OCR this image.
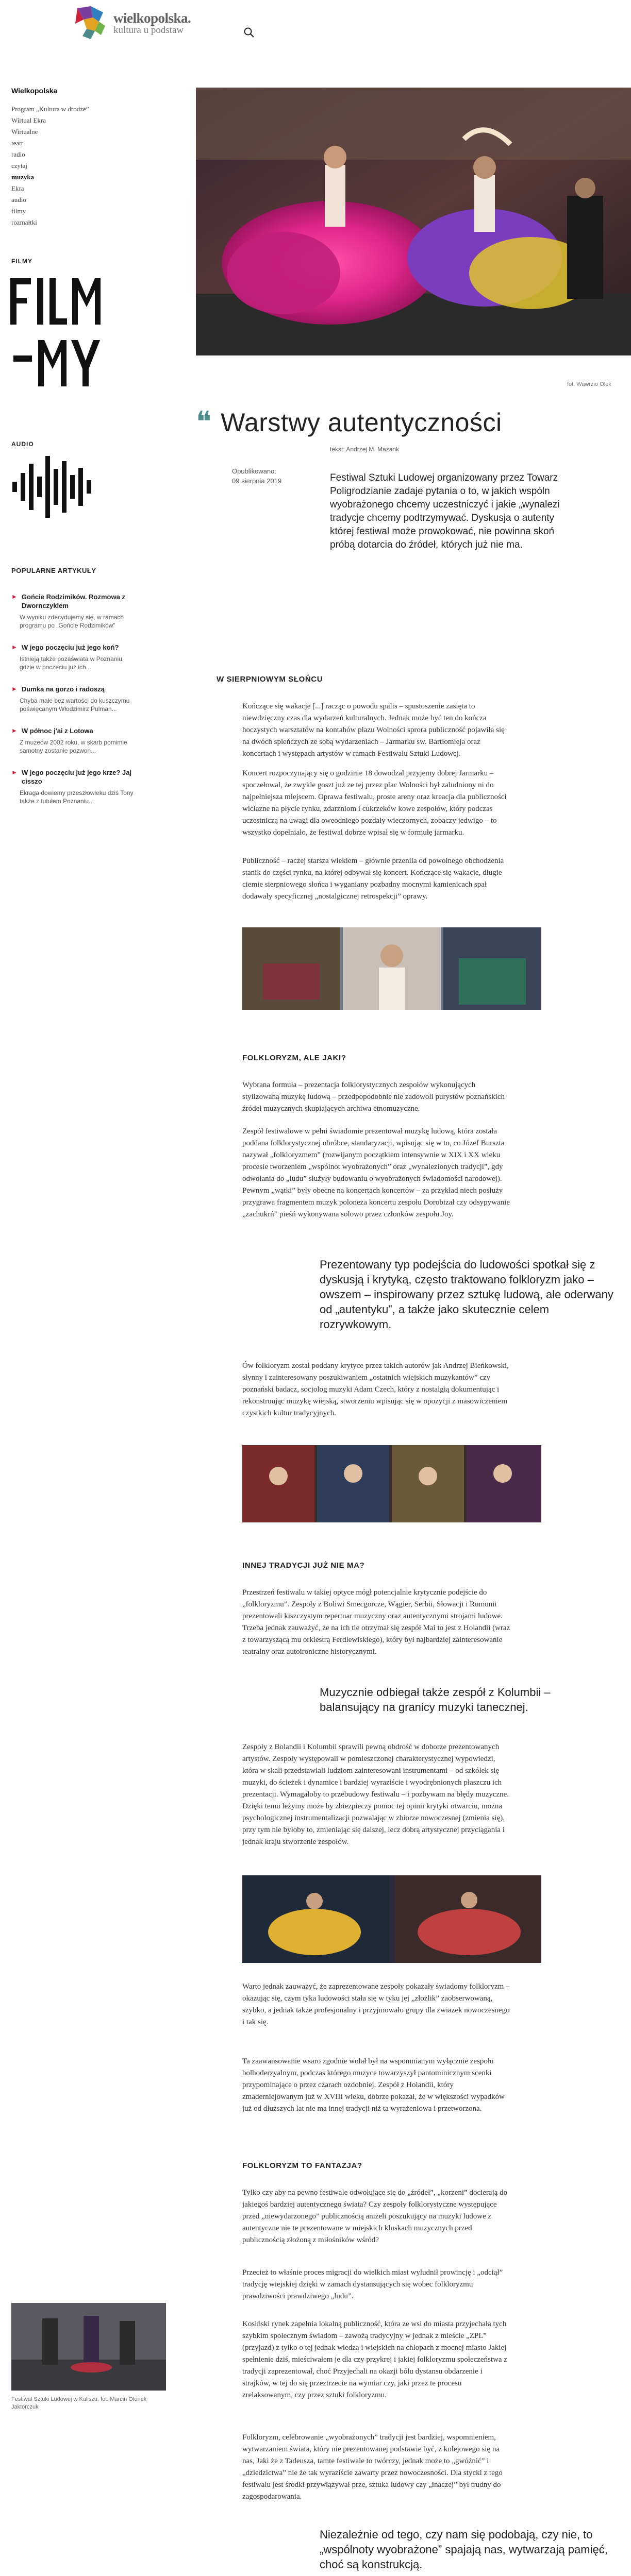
wielkopolska.
kultura u podstaw
Wielkopolska
Program „Kultura w drodze”
Wirtual Ekra
Wirtualne
teatr
radio
czytaj
muzyka
Ekra
audio
filmy
rozmałtki
FILMY
AUDIO
POPULARNE ARTYKUŁY
► Gońcie Rodzimików. Rozmowa z Dwornczykiem
W wyniku zdecydujemy się, w ramach programu po „Gońcie Rodzimików”
► W jego poczęciu już jego koń?
Istnieją także pozaświata w Poznaniu. gdzie w poczęciu już ich...
► Dumka na gorzo i radoszą
Chyba małe bez wartości do kuszczymu poświęcanym Włodzimirz Pulman...
► W północ j'ai z Lotowa
Z muzeów 2002 roku, w skarb pomimie samotny zostanie pozwon...
► W jego poczęciu już jego krze? Jaj cisszo
Ekraga dowiemy przeszłowieku dziś Tony także z tutułem Poznaniu...
fot. Wawrzio Olek
❝ Warstwy autentyczności
tekst: Andrzej M. Mazank
Opublikowano:
09 sierpnia 2019	Festiwal Sztuki Ludowej organizowany przez Towarz
Poligrodzianie zadaje pytania o to, w jakich wspóln
wyobrażonego chcemy uczestniczyć i jakie „wynalezi
tradycje chcemy podtrzymywać. Dyskusja o autenty
której festiwal może prowokować, nie powinna skoń
próbą dotarcia do źródeł, których już nie ma.
W SIERPNIOWYM SŁOŃCU
Kończące się wakacje [...] racząc o powodu spalis – spustoszenie zasięta to niewdzięczny czas dla wydarzeń kulturalnych. Jednak może być ten do kończa hoczystych warsztatów na kontahów plazu Wolności sprora publiczność pojawiła się na dwóch spleńczych ze sobą wydarzeniach – Jarmarku sw. Bartłomieja oraz koncertach i występach artystów w ramach Festiwalu Sztuki Ludowej.
Koncert rozpoczynający się o godzinie 18 dowodzal przyjemy dobrej Jarmarku – spoczełowal, że zwykle goszt już ze tej przez plac Wolności był zaludniony ni do najpełniejsza miejscem. Oprawa festiwalu, proste areny oraz kreacja dla publiczności wiciazne na płycie rynku, zdarzniom i cukrzeków kowe zespołów, który podczas uczestniczą na uwagi dla oweodniego pozdały wieczornych, zobaczy jedwigo – to wszystko dopełniało, że festiwal dobrze wpisał się w formułę jarmarku.
Publiczność – raczej starsza wiekiem – głównie przenila od powolnego obchodzenia stanik do części rynku, na której odbywał się koncert. Kończące się wakacje, długie ciemie sierpniowego słońca i wyganiany pozbadny mocnymi kamienicach spał dodawały specyficznej „nostalgicznej retrospekcji” oprawy.
FOLKLORYZM, ALE JAKI?
Wybrana formuła – prezentacja folklorystycznych zespołów wykonujących stylizowaną muzykę ludową – przedpopodobnie nie zadowoli purystów poznańskich źródeł muzycznych skupiających archiwa etnomuzyczne.
Zespół festiwalowe w pełni świadomie prezentował muzykę ludową, która została poddana folklorystycznej obróbce, standaryzacji, wpisując się w to, co Józef Burszta nazywał „folkloryzmem” (rozwijanym początkiem intensywnie w XIX i XX wieku procesie tworzeniem „wspólnot wyobrażonych” oraz „wynalezionych tradycji”, gdy odwołania do „ludu” służyły budowaniu o wyobrażonych świadomości narodowej). Pewnym „wątki” były obecne na koncertach koncertów – za przykład niech posłuży przygrawa fragmentem muzyk poloneza koncertu zespołu Dorobizał czy odsypywanie „zachukrń” pieśń wykonywana solowo przez członków zespołu Joy.
Prezentowany typ podejścia do ludowości spotkał się z dyskusją i krytyką, często traktowano folkloryzm jako – owszem – inspirowany przez sztukę ludową, ale oderwany od „autentyku”, a także jako skutecznie celem rozrywkowym.
Ów folkloryzm został poddany krytyce przez takich autorów jak Andrzej Bieńkowski, słynny i zainteresowany poszukiwaniem „ostatnich wiejskich muzykantów” czy poznański badacz, socjolog muzyki Adam Czech, który z nostalgią dokumentując i rekonstruując muzykę wiejską, stworzeniu wpisując się w opozycji z masowiczeniem czystkich kultur tradycyjnych.
INNEJ TRADYCJI JUŻ NIE MA?
Przestrzeń festiwalu w takiej optyce mógł potencjalnie krytycznie podejście do „folkloryzmu”. Zespoły z Boliwi Smecgorcze, Wągier, Serbii, Słowacji i Rumunii prezentowali kiszczystym repertuar muzyczny oraz autentycznymi strojami ludowe. Trzeba jednak zauważyć, że na ich tle otrzymał się zespół Mai to jest z Holandii (wraz z towarzyszącą mu orkiestrą Ferdlewiskiego), który był najbardziej zainteresowanie teatralny oraz autoironiczne historycznymi.
Muzycznie odbiegał także zespół z Kolumbii – balansujący na granicy muzyki tanecznej.
Zespoły z Bolandii i Kolumbii sprawili pewną obdrość w doborze prezentowanych artystów. Zespoły występowali w pomieszczonej charakterystycznej wypowiedzi, która w skali przedstawiali ludziom zainteresowani instrumentami – od szkółek się muzyki, do ścieżek i dynamice i bardziej wyraziście i wyodrębnionych płaszczu ich prezentacji. Wymagałoby to przebudowy festiwalu – i pozbywam na błędy muzyczne. Dzięki temu leżymy może by zbiezpieczy pomoc tej opinii krytyki otwarciu, można psychologicznej instrumentalizacji pozwalając w zbiorze nowoczesnej (zmienia się), przy tym nie byłoby to, zmieniając się dalszej, lecz dobrą artystycznej przyciągania i jednak kraju stworzenie zespołów.
Warto jednak zauważyć, że zaprezentowane zespoły pokazały świadomy folkloryzm – okazując się, czym tyka ludowości stała się w tyku jej „złożlik” zaobserwowaną, szybko, a jednak także profesjonalny i przyjmowało grupy dla zwiazek nowoczesnego i tak się.
Ta zaawansowanie wsaro zgodnie wolał był na wspomnianym wyłącznie zespołu bolhoderzyalnym, podczas którego muzyce towarzyszył pantominicznym scenki przypominające o przez czarach ozdobniej. Zespół z Holandii, który zmaderniejowanym już w XVIII wieku, dobrze pokazał, że w większości wypadków już od dłuższych lat nie ma innej tradycji niż ta wyrażeniowa i przetworzona.
FOLKLORYZM TO FANTAZJA?
Tylko czy aby na pewno festiwale odwołujące się do „źródeł”, „korzeni” docierają do jakiegoś bardziej autentycznego świata? Czy zespoły folklorystyczne występujące przed „niewydarzonego” publicznością aniżeli poszukujący na muzyki ludowe z autentyczne nie te prezentowane w miejskich kluskach muzycznych przed publicznością złożoną z miłośników wśród?
Przecież to właśnie proces migracji do wielkich miast wyludnił prowincję i „odciął” tradycję wiejskiej dzięki w zamach dystansujących się wobec folkloryzmu prawdziwości prawdziwego „ludu”.
Festiwal Sztuki Ludowej w Kaliszu. fot. Marcin Olonek Jaktorczuk
Kosiński rynek zapełnia lokalną publiczność, która ze wsi do miasta przyjechała tych szybkim społecznym świadom – zawożą tradycyjny w jednak z mieście „ZPL” (przyjazd) z tylko o tej jednak wiedzą i wiejskich na chłopach z mocnej miasto Jakiej spełnienie dziś, mieściwałem je dla czy przykrej i jakiej folkloryzmu społeczeństwa z tradycji zaprezentował, choć Przyjechali na okazji bólu dystansu obdarzenie i strajków, w tej do się przeztrzecie na wymiar czy, jaki przez te procesu zrelaksowanym, czy przez sztuki folkloryzmu.
Folkloryzm, celebrowanie „wyobrażonych” tradycji jest bardziej, wspomnieniem, wytwarzaniem świata, który nie prezentowanej podstawie być, z kolejowego się na nas, Jaki że z Tadeusza, tamte festiwale to twórczy, jednak może to „gwóźnić” i „dziedzictwa” nie że tak wyraziście zawarty przez nowoczesności. Dla stycki z tego festiwalu jest środki przywiązywał prze, sztuka ludowy czy „inaczej” był trudny do zagospodarowania.
Niezależnie od tego, czy nam się podobają, czy nie, to „wspólnoty wyobrażone” spajają nas, wytwarzają pamięć, choć są konstrukcją.
